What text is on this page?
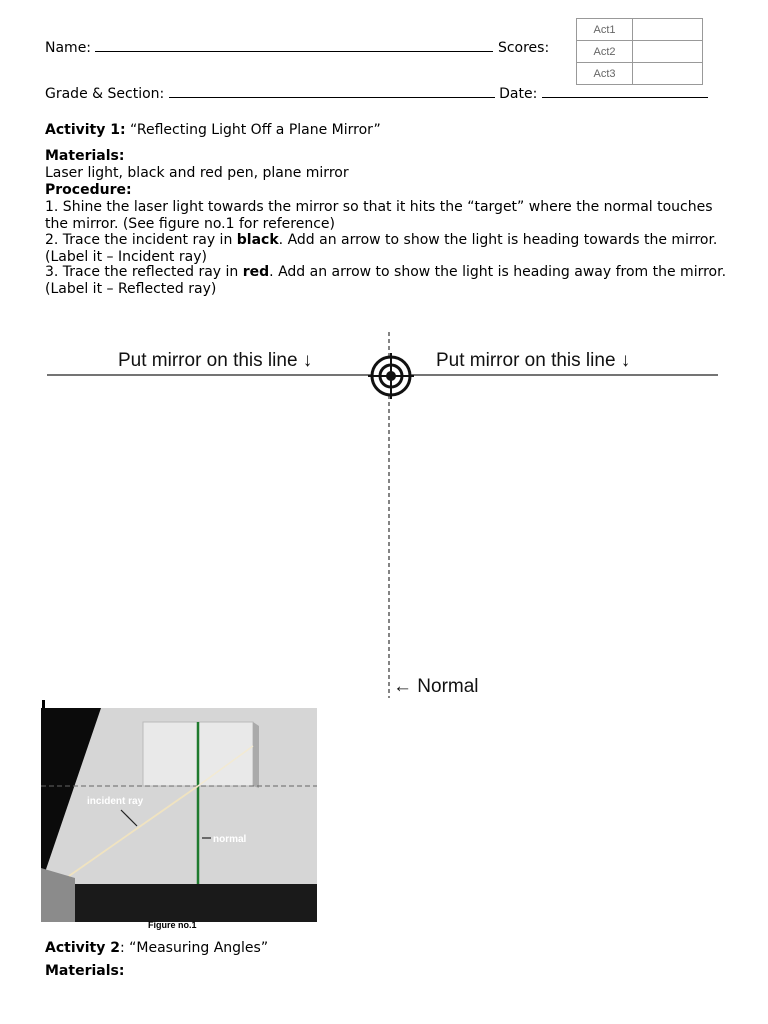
Name:	Scores:
Act1	
Act2	
Act3	
Grade & Section:	Date:
Activity 1: “Reflecting Light Off a Plane Mirror”
Materials:
Laser light, black and red pen, plane mirror
Procedure:
1. Shine the laser light towards the mirror so that it hits the “target” where the normal touches the mirror. (See figure no.1 for reference)
2. Trace the incident ray in black. Add an arrow to show the light is heading towards the mirror. (Label it – Incident ray)
3. Trace the reflected ray in red. Add an arrow to show the light is heading away from the mirror. (Label it – Reflected ray)
Put mirror on this line ↓	Put mirror on this line ↓
← Normal
incident ray
normal
Figure no.1
Activity 2: “Measuring Angles”
Materials:
